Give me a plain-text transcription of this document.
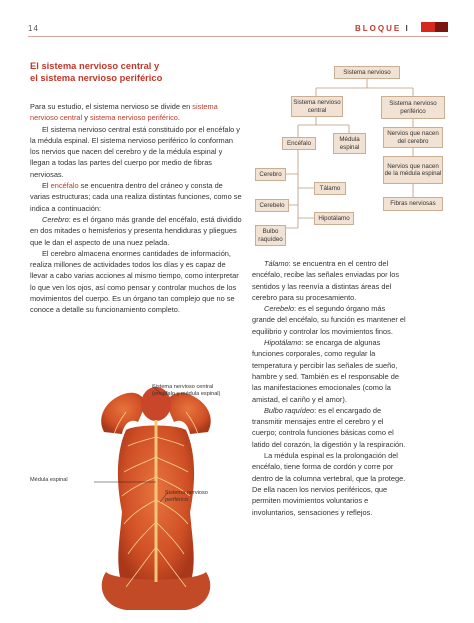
14	BLOQUE I
El sistema nervioso central y
el sistema nervioso periférico

Para su estudio, el sistema nervioso se divide en sistema nervioso central y sistema nervioso periférico.

El sistema nervioso central está constituido por el encéfalo y la médula espinal. El sistema nervioso periférico lo conforman los nervios que nacen del cerebro y de la médula espinal y llegan a todas las partes del cuerpo por medio de fibras nerviosas.

El encéfalo se encuentra dentro del cráneo y consta de varias estructuras; cada una realiza distintas funciones, como se indica a continuación:

Cerebro: es el órgano más grande del encéfalo, está dividido en dos mitades o hemisferios y presenta hendiduras y pliegues que le dan el aspecto de una nuez pelada.

El cerebro almacena enormes cantidades de información, realiza millones de actividades todos los días y es capaz de llevar a cabo varias acciones al mismo tiempo, como interpretar lo que ven los ojos, así como pensar y controlar muchos de los movimientos del cuerpo. Es un órgano tan complejo que no se conoce a detalle su funcionamiento completo.

Tálamo: se encuentra en el centro del encéfalo, recibe las señales enviadas por los sentidos y las reenvía a distintas áreas del cerebro para su procesamiento.

Cerebelo: es el segundo órgano más grande del encéfalo, su función es mantener el equilibrio y controlar los movimientos finos.

Hipotálamo: se encarga de algunas funciones corporales, como regular la temperatura y percibir las señales de sueño, hambre y sed. También es el responsable de las manifestaciones emocionales (como la amistad, el cariño y el amor).

Bulbo raquídeo: es el encargado de transmitir mensajes entre el cerebro y el cuerpo; controla funciones básicas como el latido del corazón, la digestión y la respiración.

La médula espinal es la prolongación del encéfalo, tiene forma de cordón y corre por dentro de la columna vertebral, que la protege. De ella nacen los nervios periféricos, que permiten movimientos voluntarios e involuntarios, sensaciones y reflejos.

Sistema nervioso
Sistema nervioso central
Sistema nervioso periférico
Encéfalo
Médula espinal
Nervios que nacen del cerebro
Nervios que nacen de la médula espinal
Fibras nerviosas
Cerebro
Tálamo
Cerebelo
Hipotálamo
Bulbo raquídeo
Sistema nervioso central (encéfalo y médula espinal)
Médula espinal
Sistema nervioso periférico
